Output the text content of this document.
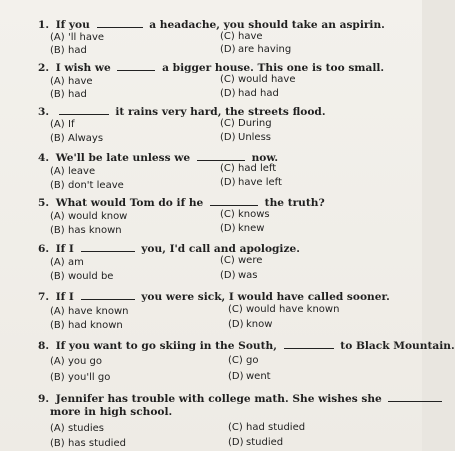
1. If you	a headache, you should take an aspirin.
(A) 'll have	(C) have
(B) had	(D) are having
2. I wish we	a bigger house. This one is too small.
(A) have	(C) would have
(B) had	(D) had had
3.	it rains very hard, the streets flood.
(A) If	(C) During
(B) Always	(D) Unless
4. We'll be late unless we	now.
(A) leave	(C) had left
(B) don't leave	(D) have left
5. What would Tom do if he	the truth?
(A) would know	(C) knows
(B) has known	(D) knew
6. If I	you, I'd call and apologize.
(A) am	(C) were
(B) would be	(D) was
7. If I	you were sick, I would have called sooner.
(A) have known	(C) would have known
(B) had known	(D) know
8. If you want to go skiing in the South,	to Black Mountain.
(A) you go	(C) go
(B) you'll go	(D) went
9. Jennifer has trouble with college math. She wishes she
more in high school.
(A) studies	(C) had studied
(B) has studied	(D) studied
